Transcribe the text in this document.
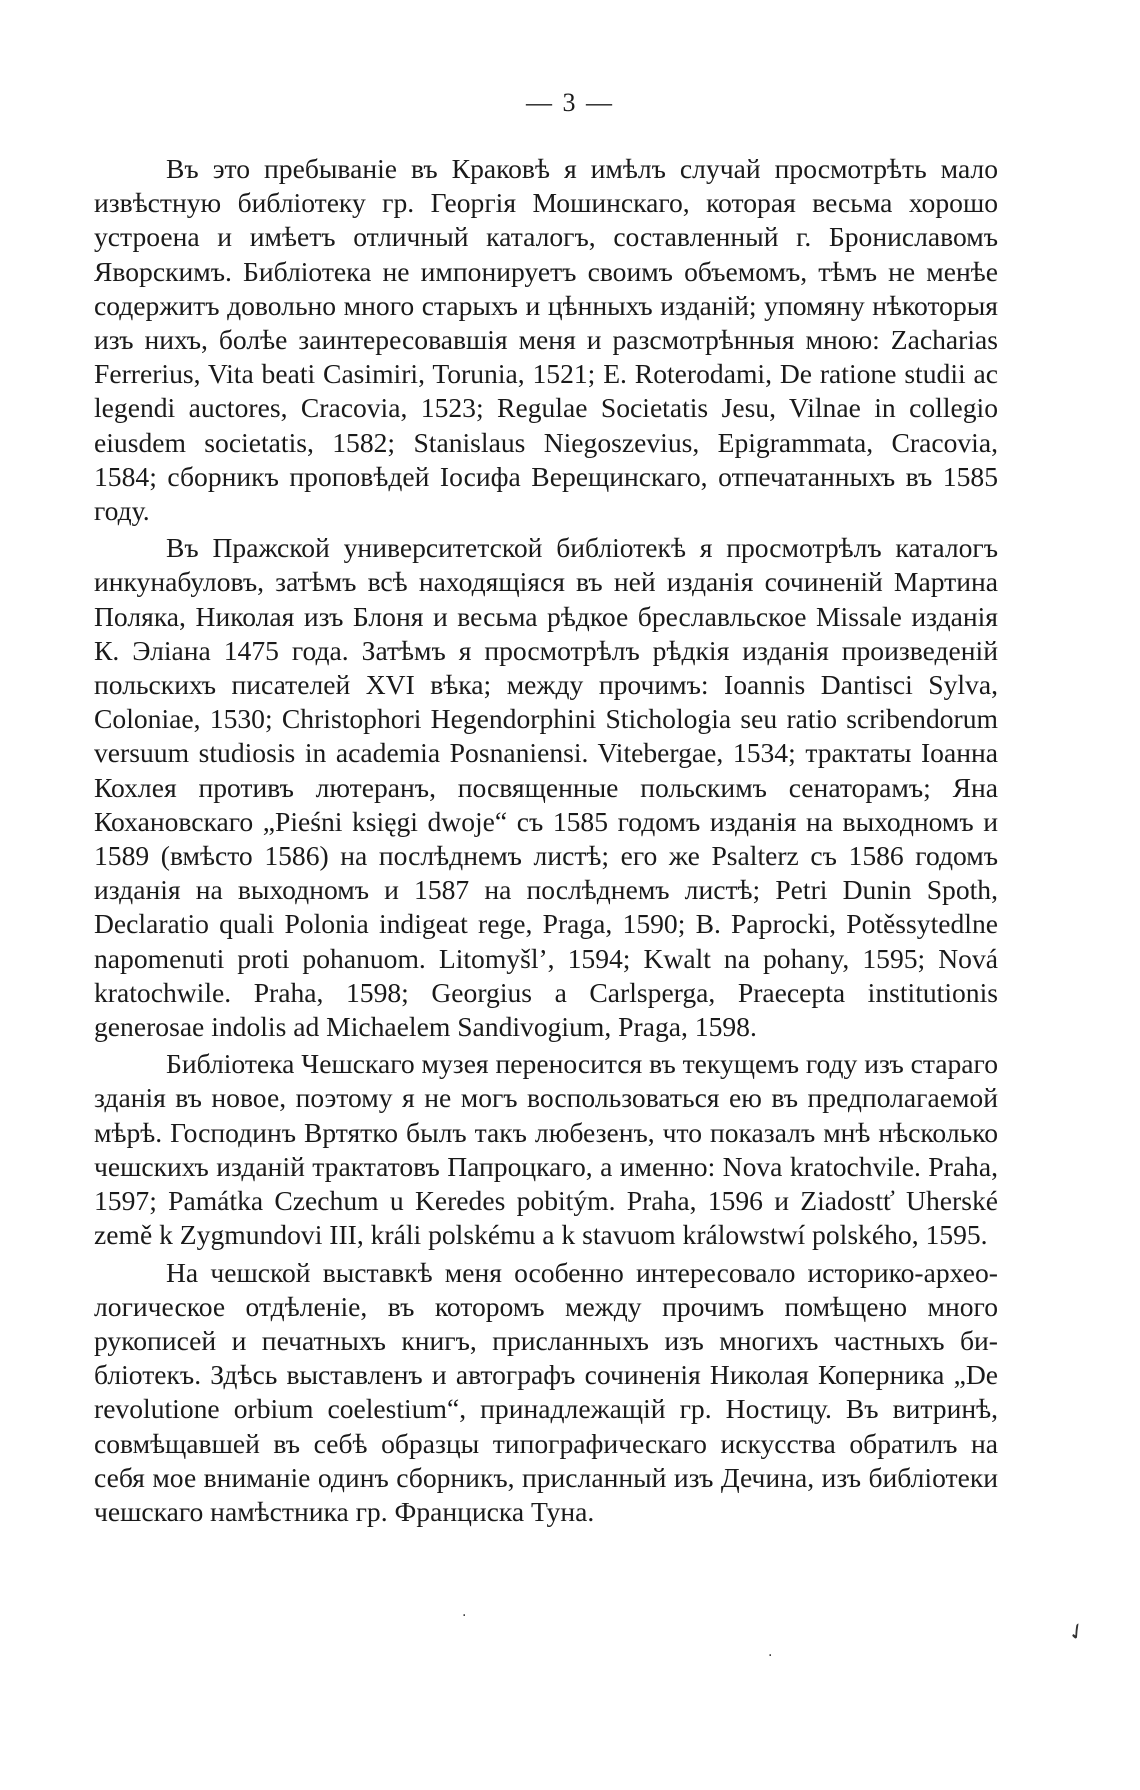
— 3 —

Въ это пребываніе въ Краковѣ я имѣлъ случай просмотрѣть мало извѣстную библіотеку гр. Георгія Мошинскаго, которая весьма хорошо устроена и имѣетъ отличный каталогъ, составленный г. Брониславомъ Яворскимъ. Библіотека не импонируетъ своимъ объемомъ, тѣмъ не менѣе содержитъ довольно много старыхъ и цѣнныхъ изданій; упомяну нѣкоторыя изъ нихъ, болѣе заинтересовавшія меня и разсмотрѣнныя мною: Zacharias Ferrerius, Vita beati Casimiri, Torunia, 1521; E. Roterodami, De ratione studii ac legendi auctores, Cracovia, 1523; Regulae Societatis Jesu, Vilnae in collegio eiusdem societatis, 1582; Stanislaus Niegoszevius, Epigrammata, Cracovia, 1584; сборникъ проповѣдей Іосифа Верещинскаго, отпечатанныхъ въ 1585 году.

Въ Пражской университетской библіотекѣ я просмотрѣлъ каталогъ инкунабуловъ, затѣмъ всѣ находящіяся въ ней изданія сочиненій Мартина Поляка, Николая изъ Блоня и весьма рѣдкое бреславльское Missale изданія К. Эліана 1475 года. Затѣмъ я просмотрѣлъ рѣдкія изданія произведеній польскихъ писателей XVI вѣка; между прочимъ: Ioannis Dantisci Sylva, Coloniae, 1530; Christophori Hegendorphini Stichologia seu ratio scribendorum versuum studiosis in academia Posnaniensi. Vitebergae, 1534; трактаты Іоанна Кохлея противъ лютеранъ, посвященные польскимъ сенаторамъ; Яна Кохановскаго „Pieśni księgi dwoje“ съ 1585 годомъ изданія на выходномъ и 1589 (вмѣсто 1586) на послѣднемъ листѣ; его же Psalterz съ 1586 годомъ изданія на выходномъ и 1587 на послѣднемъ листѣ; Petri Dunin Spoth, Declaratio quali Polonia indigeat rege, Praga, 1590; B. Paprocki, Potěssytedlne napomenuti proti pohanuom. Litomyšl’, 1594; Kwalt na pohany, 1595; Nová kratochwile. Praha, 1598; Georgius a Carlsperga, Praecepta institutionis generosae indolis ad Michaelem Sandivogium, Praga, 1598.

Библіотека Чешскаго музея переносится въ текущемъ году изъ стараго зданія въ новое, поэтому я не могъ воспользоваться ею въ предполагаемой мѣрѣ. Господинъ Вртятко былъ такъ любезенъ, что показалъ мнѣ нѣсколько чешскихъ изданій трактатовъ Папроцкаго, а именно: Nova kratochvile. Praha, 1597; Památka Czechum u Keredes pobitým. Praha, 1596 и Ziadostť Uherské země k Zygmundovi III, králi polskému a k stavuom králowstwí polského, 1595.

На чешской выставкѣ меня особенно интересовало историко-археологическое отдѣленіе, въ которомъ между прочимъ помѣщено много рукописей и печатныхъ книгъ, присланныхъ изъ многихъ частныхъ библіотекъ. Здѣсь выставленъ и автографъ сочиненія Николая Коперника „De revolutione orbium coelestium“, принадлежащій гр. Ностицу. Въ витринѣ, совмѣщавшей въ себѣ образцы типографическаго искусства обратилъ на себя мое вниманіе одинъ сборникъ, присланный изъ Дечина, изъ библіотеки чешскаго намѣстника гр. Франциска Туна.

·
·
✓
